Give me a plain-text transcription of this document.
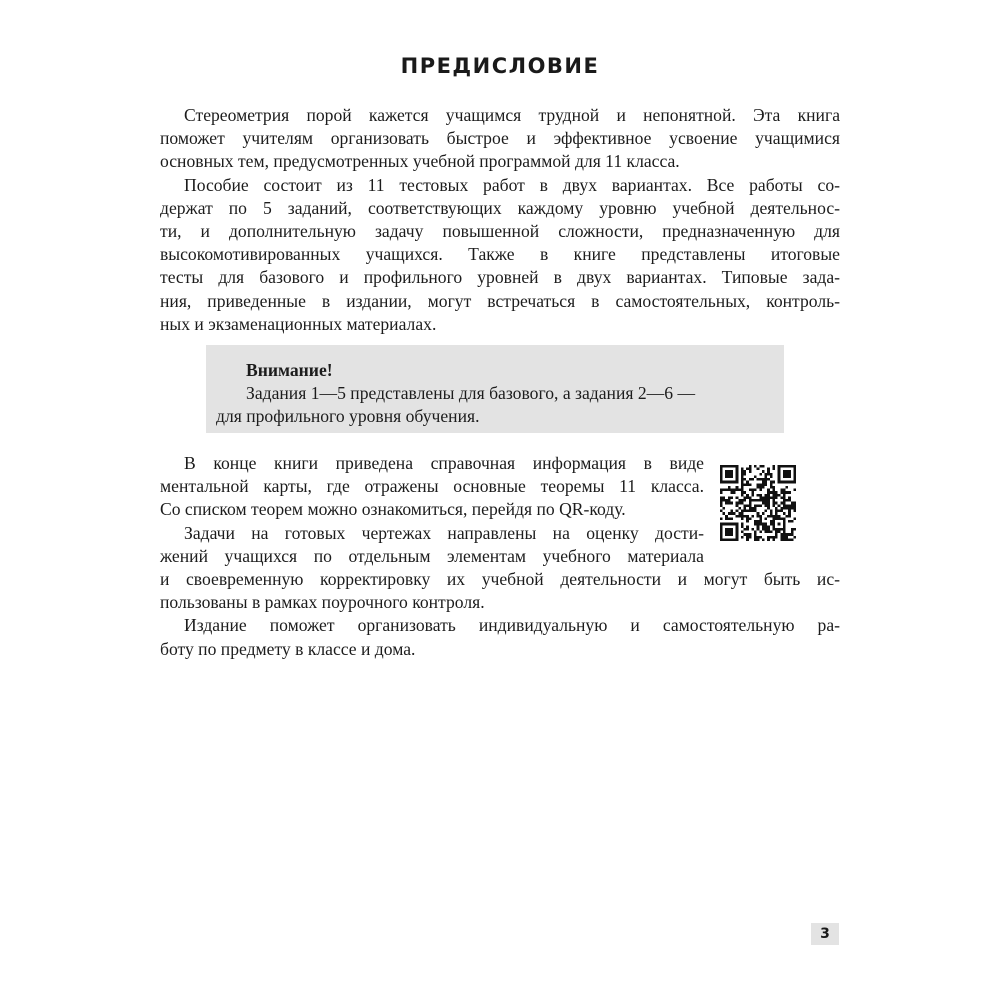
ПРЕДИСЛОВИЕ

Стереометрия порой кажется учащимся трудной и непонятной. Эта книга
поможет учителям организовать быстрое и эффективное усвоение учащимися
основных тем, предусмотренных учебной программой для 11 класса.

Пособие состоит из 11 тестовых работ в двух вариантах. Все работы со-
держат по 5 заданий, соответствующих каждому уровню учебной деятельнос-
ти, и дополнительную задачу повышенной сложности, предназначенную для
высокомотивированных учащихся. Также в книге представлены итоговые
тесты для базового и профильного уровней в двух вариантах. Типовые зада-
ния, приведенные в издании, могут встречаться в самостоятельных, контроль-
ных и экзаменационных материалах.

Внимание!
Задания 1—5 представлены для базового, а задания 2—6 —
для профильного уровня обучения.

В конце книги приведена справочная информация в виде
ментальной карты, где отражены основные теоремы 11 класса.
Со списком теорем можно ознакомиться, перейдя по QR-коду.

Задачи на готовых чертежах направлены на оценку дости-
жений учащихся по отдельным элементам учебного материала
и своевременную корректировку их учебной деятельности и могут быть ис-
пользованы в рамках поурочного контроля.

Издание поможет организовать индивидуальную и самостоятельную ра-
боту по предмету в классе и дома.

3
